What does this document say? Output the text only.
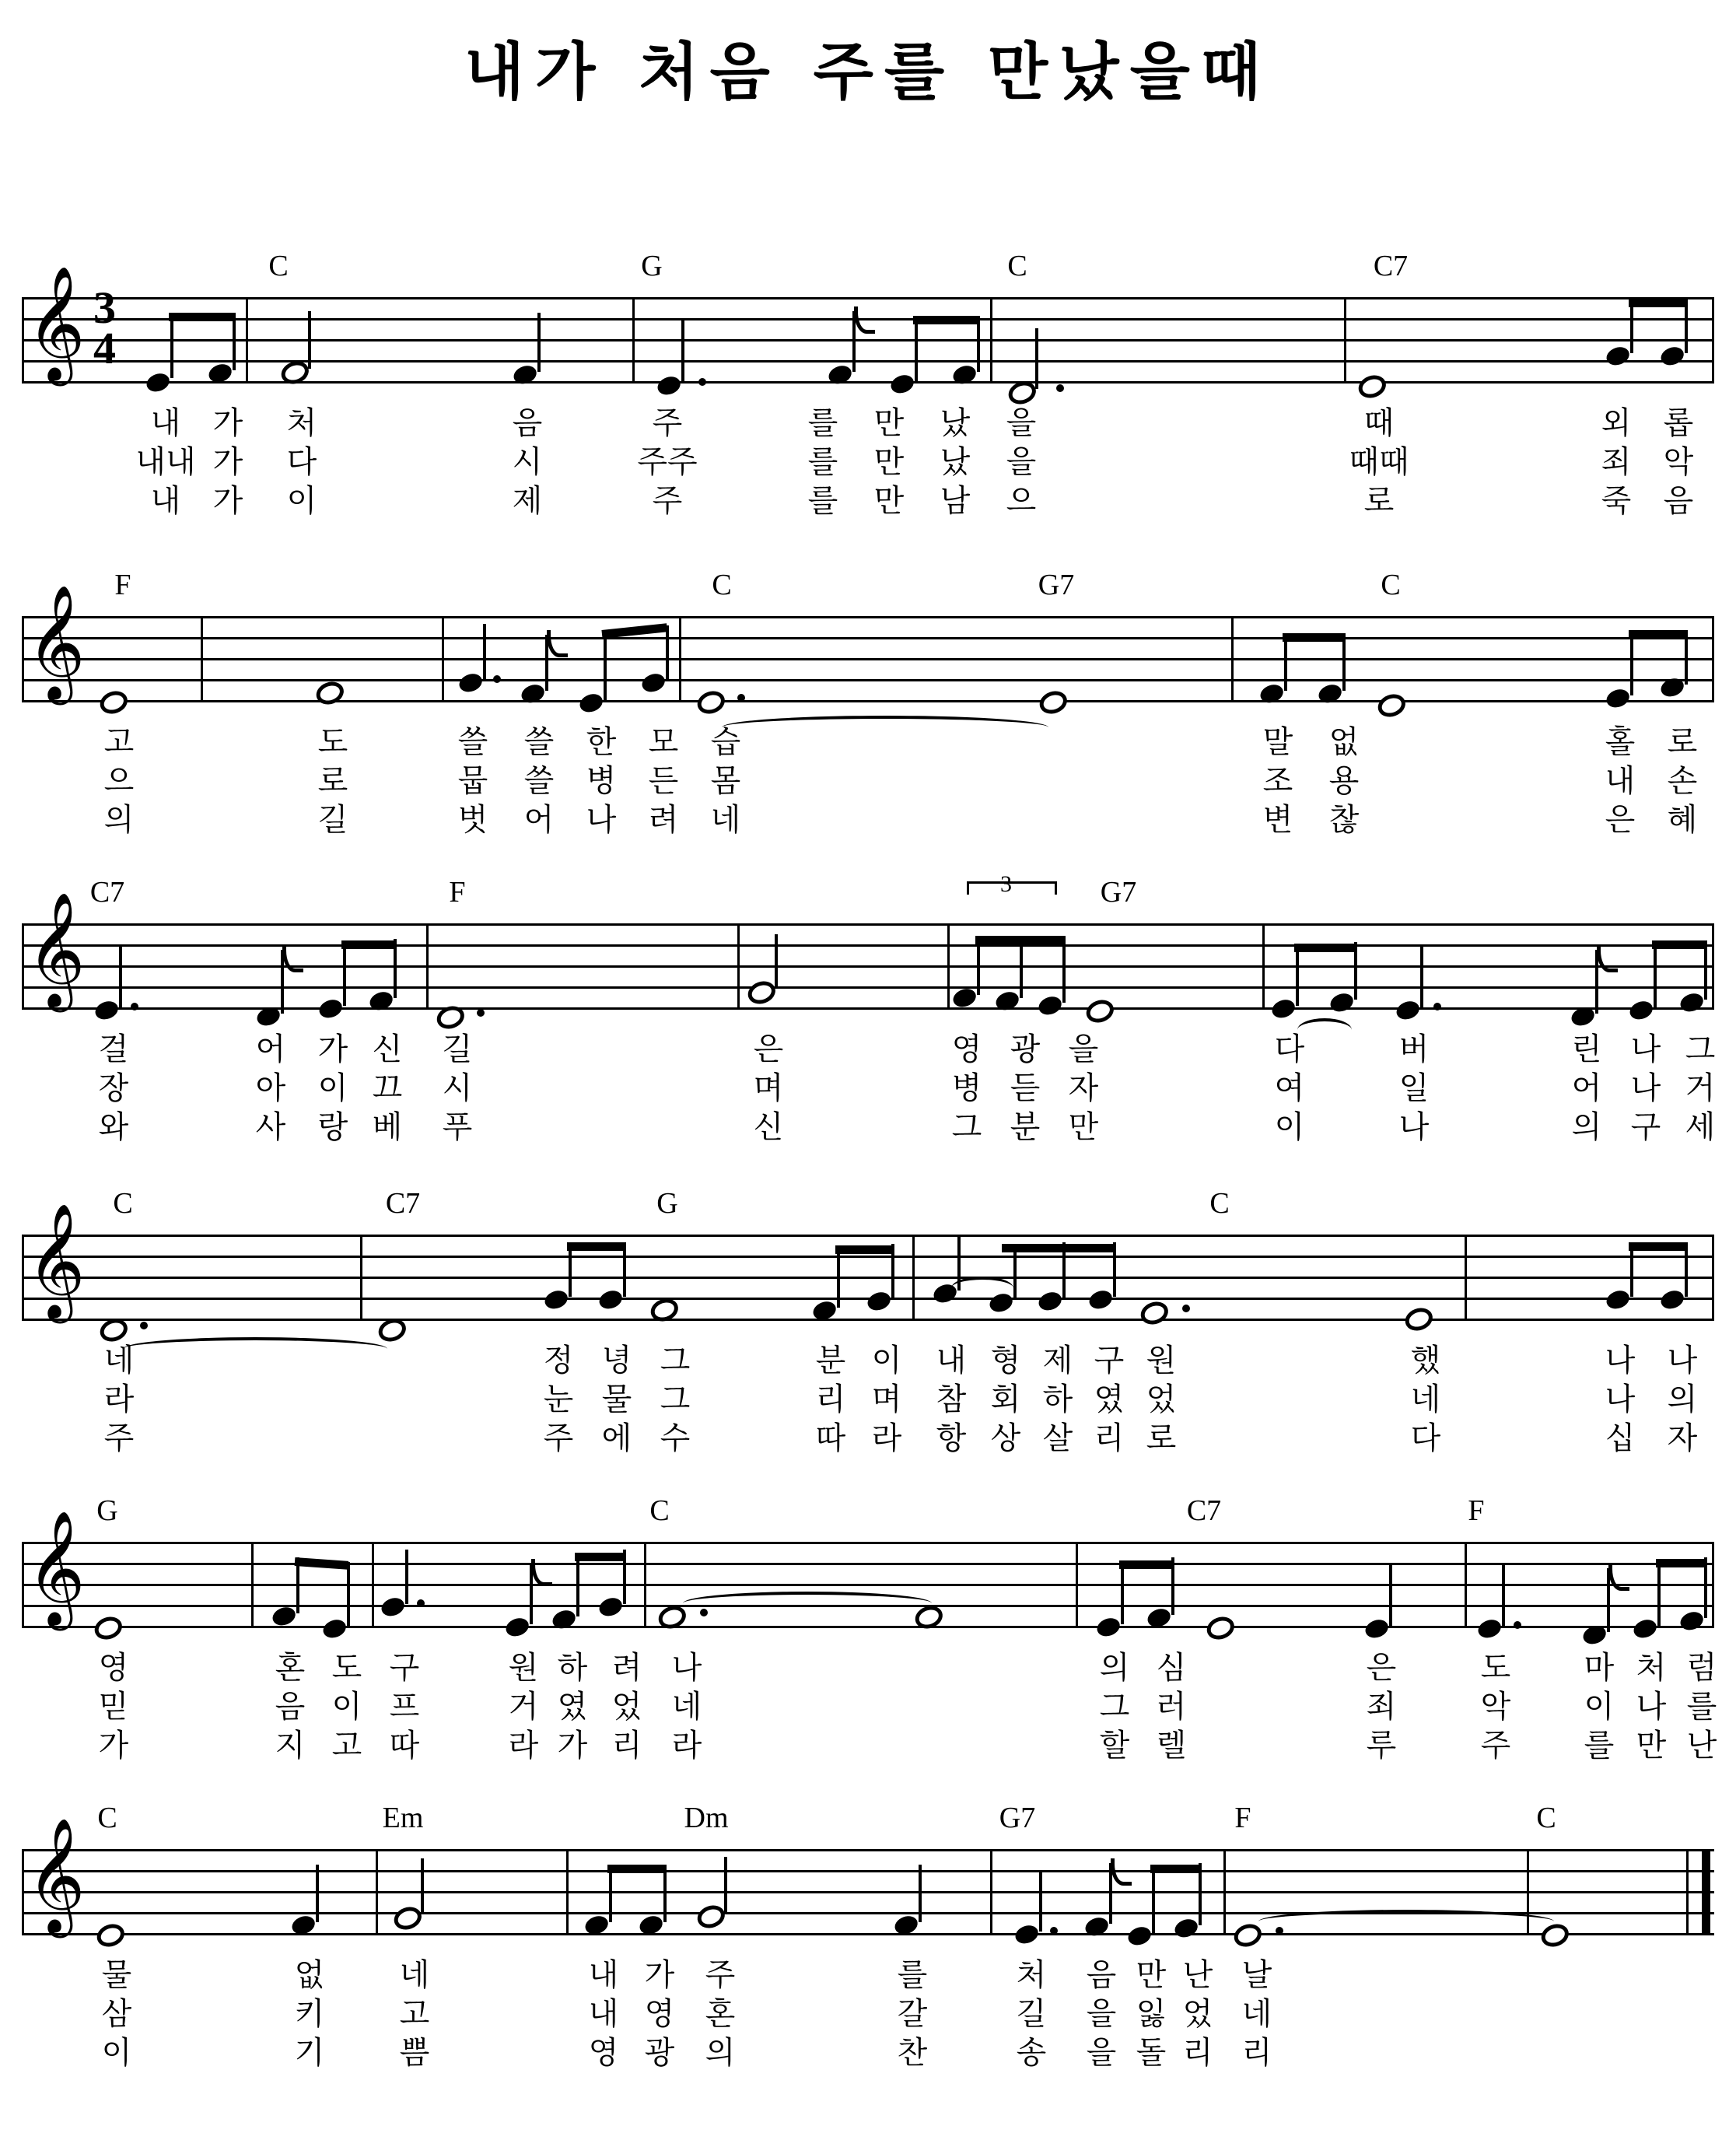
내가 처음 주를 만났을때
C	G	C	C7
𝄞 3
4
내 가 처	음	주	를 만 났 을	때	외 롭
내내 가 다	시	주주	를 만 났 을	때때	죄 악
내 가 이	제	주	를 만 남 으	로	죽 음
F	C	G7	C
𝄞
고	도	쓸 쓸 한 모 습	말 없	홀 로
으	로	뭅 쓸 병 든 몸	조 용	내 손
의	길	벗 어 나 려 네	변 찮	은 혜
C7	F	G7
3
𝄞
걸	어 가 신 길	은	영 광 을	다	버	린 나 그
장	아 이 끄 시	며	병 듣 자	여	일	어 나 거
와	사 랑 베 푸	신	그 분 만	이	나	의 구 세
C	C7	G	C
𝄞
네	정 녕 그	분 이 내 형 제 구 원	했	나 나
라	눈 물 그	리 며 참 회 하 였 었	네	나 의
주	주 에 수	따 라 항 상 살 리 로	다	십 자
G	C	C7	F
𝄞
영	혼 도 구	원 하 려 나	의 심	은	도 마 처 럼
믿	음 이 프	거 였 었 네	그 러	죄	악 이 나 를
가	지 고 따	라 가 리 라	할 렐	루	주 를 만 난
C	Em	Dm	G7	F	C
𝄞
물	없 네	내 가 주	를	처 음 만 난 날
삼	키 고	내 영 혼	갈	길 을 잃 었 네
이	기 쁨	영 광 의	찬	송 을 돌 리 리
